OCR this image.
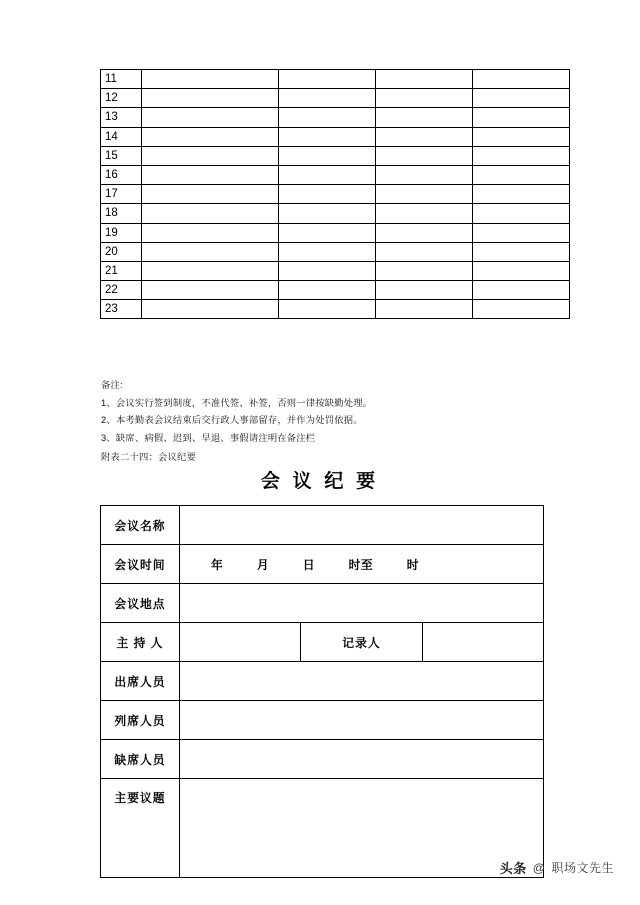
11				
12				
13				
14				
15				
16				
17				
18				
19				
20				
21				
22				
23				
备注:
1、会议实行签到制度，不准代签、补签，否则一律按缺勤处理。
2、本考勤表会议结束后交行政人事部留存，并作为处罚依据。
3、缺席、病假、迟到、早退、事假请注明在备注栏
附表二十四：会议纪要
会 议 纪 要
会议名称			
会议时间	年 月 日 时至 时		

会议地点			
主 持 人		记录人	
出席人员			
列席人员			
缺席人员			
主要议题			
头条 @ 职场文先生
